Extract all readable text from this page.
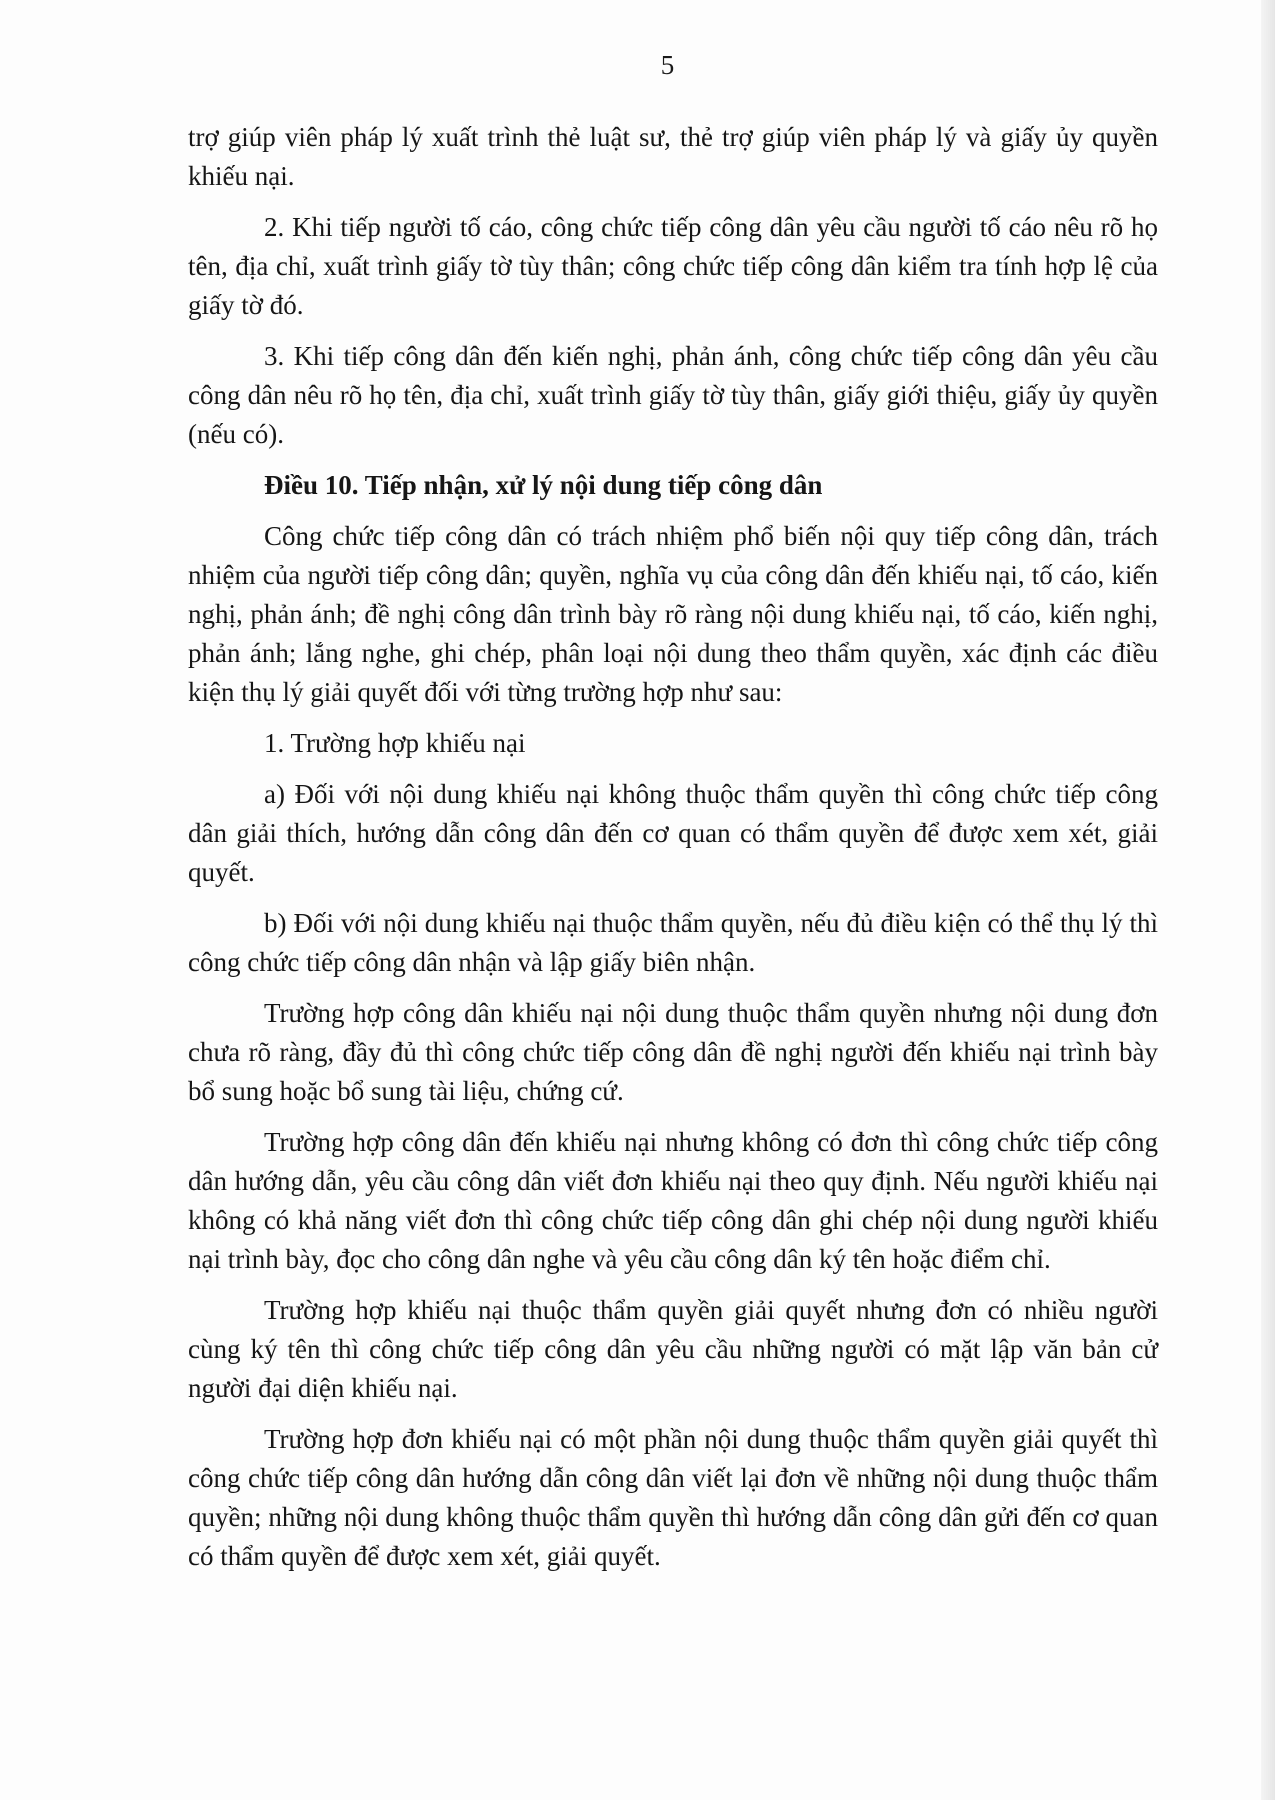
5

trợ giúp viên pháp lý xuất trình thẻ luật sư, thẻ trợ giúp viên pháp lý và giấy ủy quyền khiếu nại.

2. Khi tiếp người tố cáo, công chức tiếp công dân yêu cầu người tố cáo nêu rõ họ tên, địa chỉ, xuất trình giấy tờ tùy thân; công chức tiếp công dân kiểm tra tính hợp lệ của giấy tờ đó.

3. Khi tiếp công dân đến kiến nghị, phản ánh, công chức tiếp công dân yêu cầu công dân nêu rõ họ tên, địa chỉ, xuất trình giấy tờ tùy thân, giấy giới thiệu, giấy ủy quyền (nếu có).

Điều 10. Tiếp nhận, xử lý nội dung tiếp công dân

Công chức tiếp công dân có trách nhiệm phổ biến nội quy tiếp công dân, trách nhiệm của người tiếp công dân; quyền, nghĩa vụ của công dân đến khiếu nại, tố cáo, kiến nghị, phản ánh; đề nghị công dân trình bày rõ ràng nội dung khiếu nại, tố cáo, kiến nghị, phản ánh; lắng nghe, ghi chép, phân loại nội dung theo thẩm quyền, xác định các điều kiện thụ lý giải quyết đối với từng trường hợp như sau:

1. Trường hợp khiếu nại

a) Đối với nội dung khiếu nại không thuộc thẩm quyền thì công chức tiếp công dân giải thích, hướng dẫn công dân đến cơ quan có thẩm quyền để được xem xét, giải quyết.

b) Đối với nội dung khiếu nại thuộc thẩm quyền, nếu đủ điều kiện có thể thụ lý thì công chức tiếp công dân nhận và lập giấy biên nhận.

Trường hợp công dân khiếu nại nội dung thuộc thẩm quyền nhưng nội dung đơn chưa rõ ràng, đầy đủ thì công chức tiếp công dân đề nghị người đến khiếu nại trình bày bổ sung hoặc bổ sung tài liệu, chứng cứ.

Trường hợp công dân đến khiếu nại nhưng không có đơn thì công chức tiếp công dân hướng dẫn, yêu cầu công dân viết đơn khiếu nại theo quy định. Nếu người khiếu nại không có khả năng viết đơn thì công chức tiếp công dân ghi chép nội dung người khiếu nại trình bày, đọc cho công dân nghe và yêu cầu công dân ký tên hoặc điểm chỉ.

Trường hợp khiếu nại thuộc thẩm quyền giải quyết nhưng đơn có nhiều người cùng ký tên thì công chức tiếp công dân yêu cầu những người có mặt lập văn bản cử người đại diện khiếu nại.

Trường hợp đơn khiếu nại có một phần nội dung thuộc thẩm quyền giải quyết thì công chức tiếp công dân hướng dẫn công dân viết lại đơn về những nội dung thuộc thẩm quyền; những nội dung không thuộc thẩm quyền thì hướng dẫn công dân gửi đến cơ quan có thẩm quyền để được xem xét, giải quyết.
